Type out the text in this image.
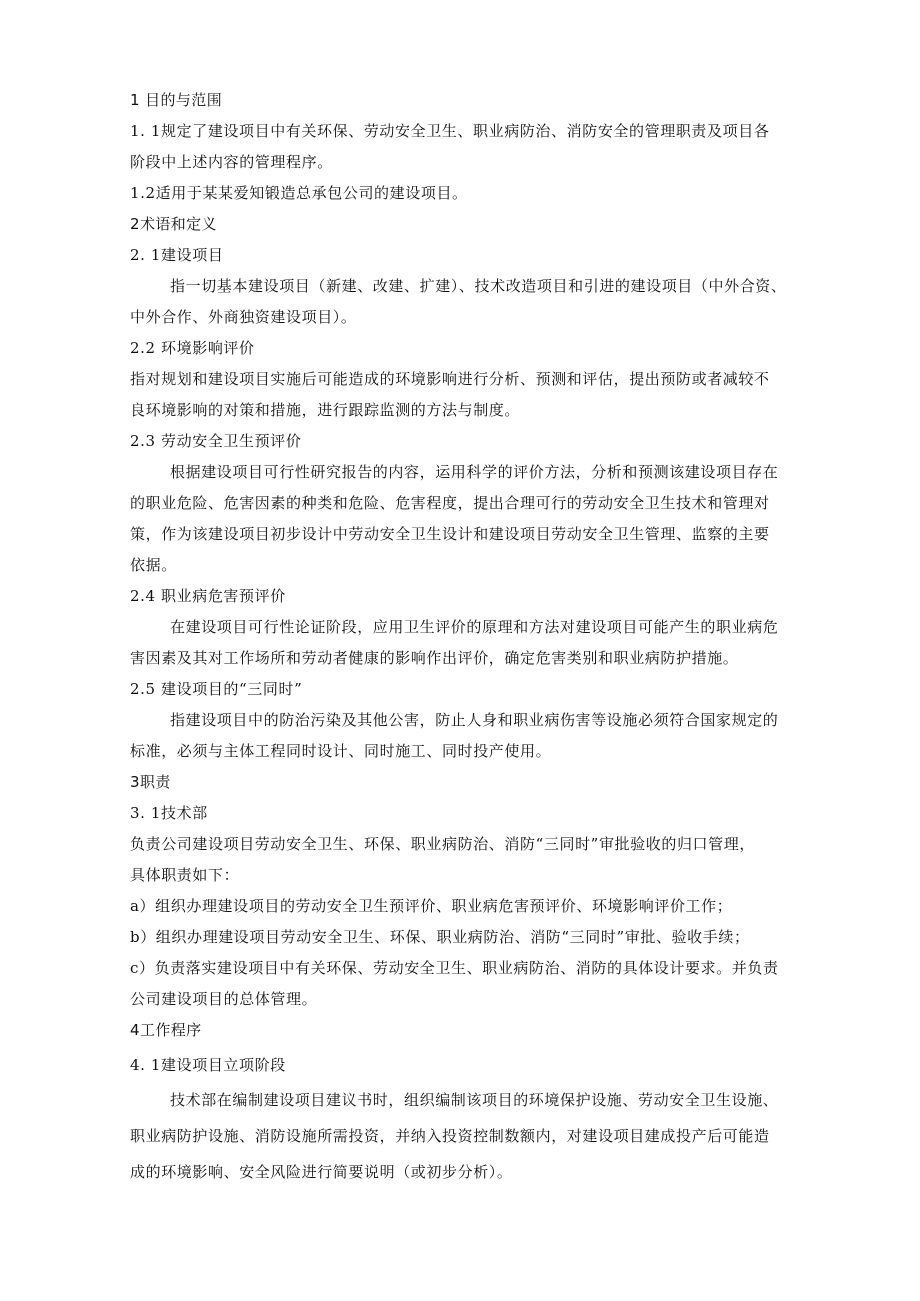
1 目的与范围
1. 1规定了建设项目中有关环保、劳动安全卫生、职业病防治、消防安全的管理职责及项目各
阶段中上述内容的管理程序。
1.2适用于某某爱知锻造总承包公司的建设项目。
2术语和定义
2. 1建设项目
指一切基本建设项目（新建、改建、扩建）、技术改造项目和引进的建设项目（中外合资、
中外合作、外商独资建设项目）。
2.2 环境影响评价
指对规划和建设项目实施后可能造成的环境影响进行分析、预测和评估，提出预防或者减较不
良环境影响的对策和措施，进行跟踪监测的方法与制度。
2.3 劳动安全卫生预评价
根据建设项目可行性研究报告的内容，运用科学的评价方法，分析和预测该建设项目存在
的职业危险、危害因素的种类和危险、危害程度，提出合理可行的劳动安全卫生技术和管理对
策，作为该建设项目初步设计中劳动安全卫生设计和建设项目劳动安全卫生管理、监察的主要
依据。
2.4 职业病危害预评价
在建设项目可行性论证阶段，应用卫生评价的原理和方法对建设项目可能产生的职业病危
害因素及其对工作场所和劳动者健康的影响作出评价，确定危害类别和职业病防护措施。
2.5 建设项目的“三同时”
指建设项目中的防治污染及其他公害，防止人身和职业病伤害等设施必须符合国家规定的
标准，必须与主体工程同时设计、同时施工、同时投产使用。
3职责
3. 1技术部
负责公司建设项目劳动安全卫生、环保、职业病防治、消防“三同时”审批验收的归口管理，
具体职责如下：
a）组织办理建设项目的劳动安全卫生预评价、职业病危害预评价、环境影响评价工作；
b）组织办理建设项目劳动安全卫生、环保、职业病防治、消防“三同时”审批、验收手续；
c）负责落实建设项目中有关环保、劳动安全卫生、职业病防治、消防的具体设计要求。并负责
公司建设项目的总体管理。
4工作程序
4. 1建设项目立项阶段
技术部在编制建设项目建议书时，组织编制该项目的环境保护设施、劳动安全卫生设施、
职业病防护设施、消防设施所需投资，并纳入投资控制数额内，对建设项目建成投产后可能造
成的环境影响、安全风险进行简要说明（或初步分析）。
